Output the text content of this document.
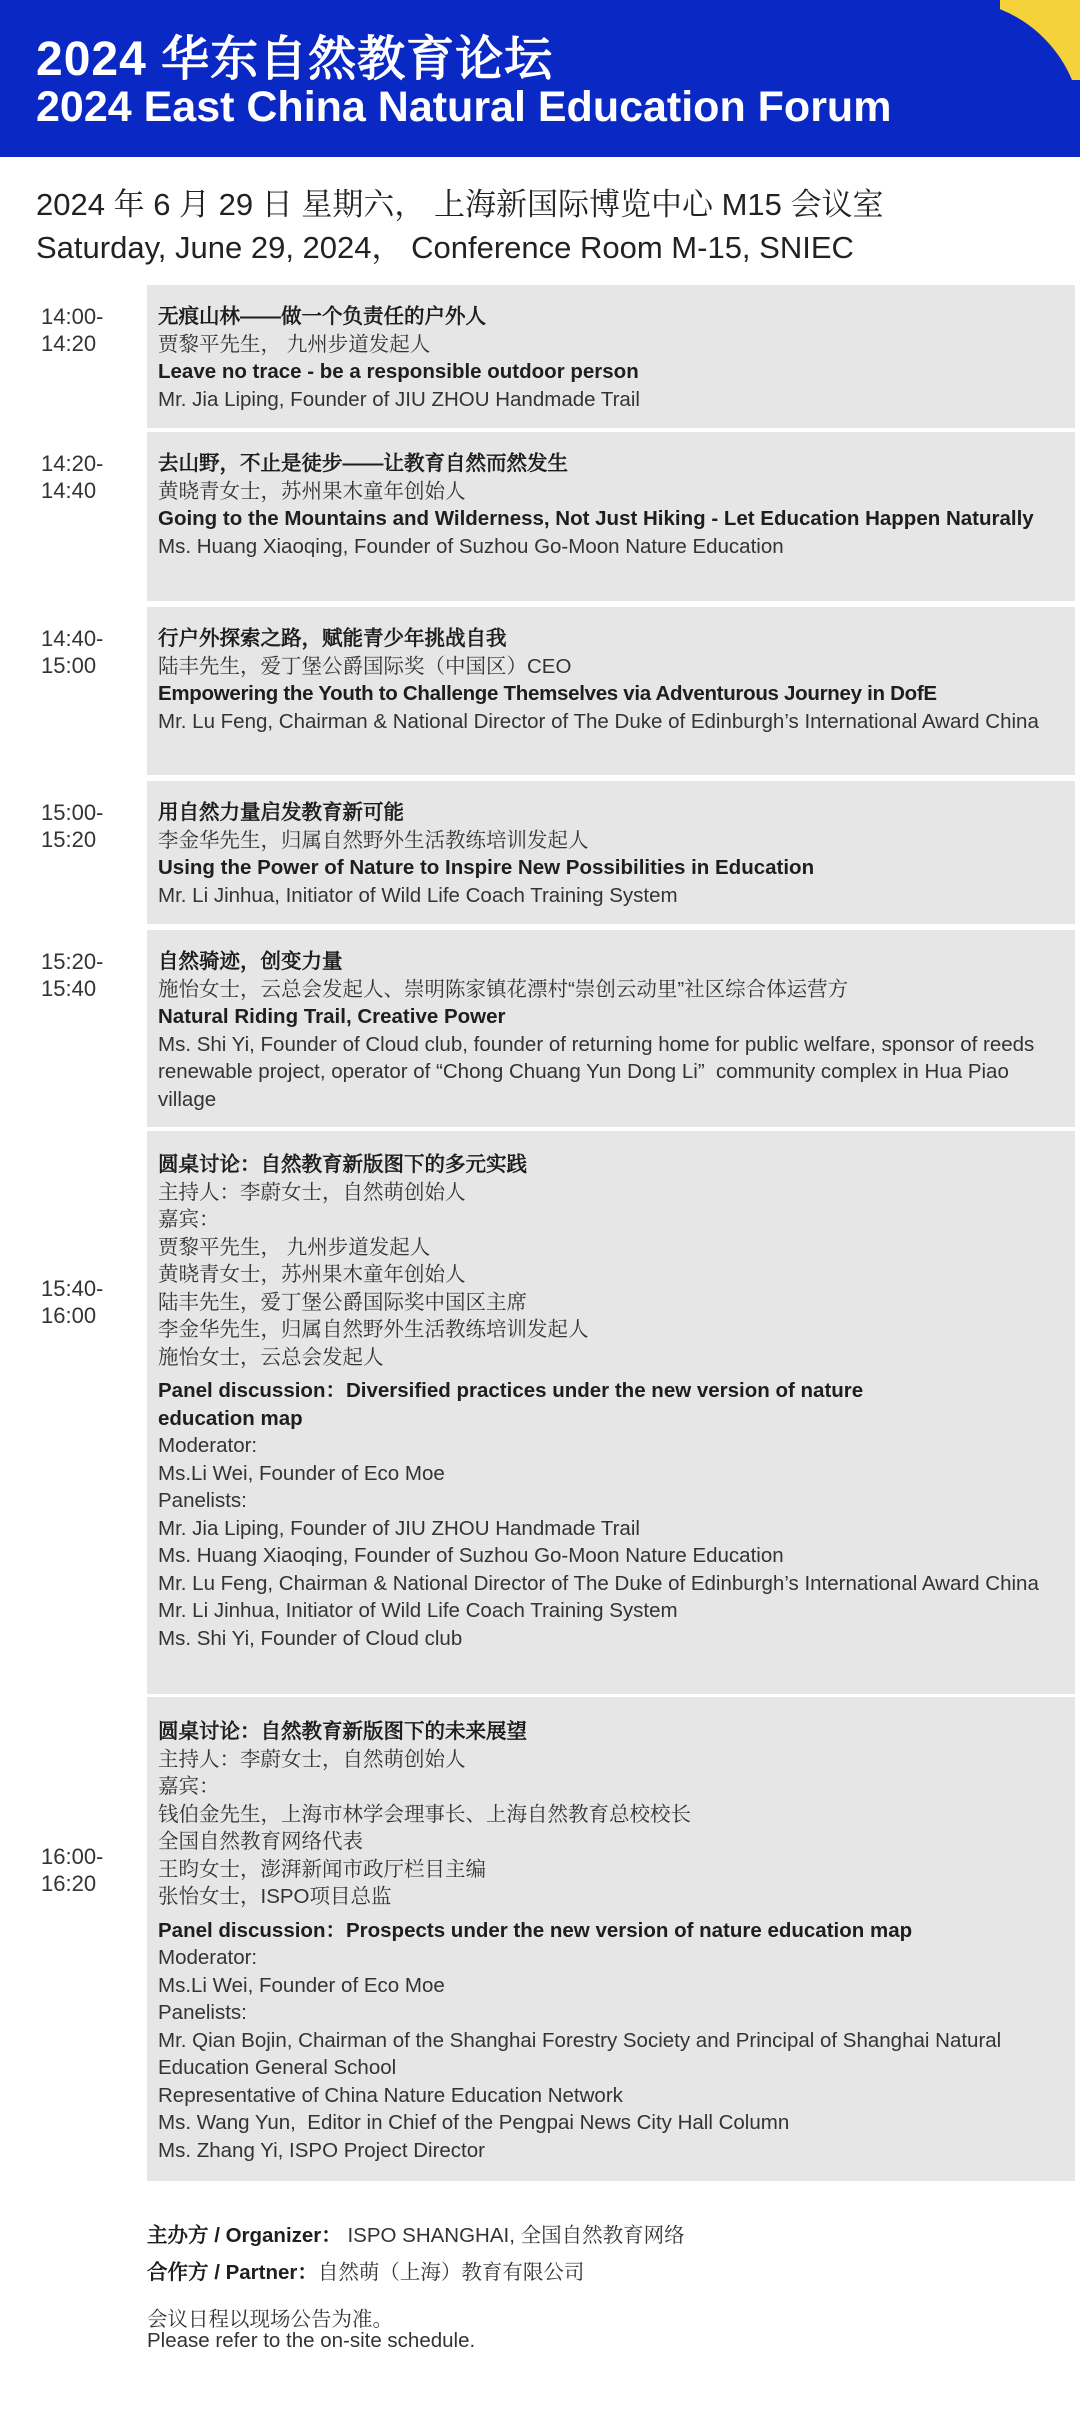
2024 华东自然教育论坛
2024 East China Natural Education Forum
2024 年 6 月 29 日 星期六， 上海新国际博览中心 M15 会议室
Saturday, June 29, 2024， Conference Room M-15, SNIEC
14:00-
14:20
无痕山林——做一个负责任的户外人
贾黎平先生， 九州步道发起人
Leave no trace - be a responsible outdoor person
Mr. Jia Liping, Founder of JIU ZHOU Handmade Trail
14:20-
14:40
去山野，不止是徒步——让教育自然而然发生
黄晓青女士，苏州果木童年创始人
Going to the Mountains and Wilderness, Not Just Hiking - Let Education Happen Naturally
Ms. Huang Xiaoqing, Founder of Suzhou Go-Moon Nature Education
14:40-
15:00
行户外探索之路，赋能青少年挑战自我
陆丰先生，爱丁堡公爵国际奖（中国区）CEO
Empowering the Youth to Challenge Themselves via Adventurous Journey in DofE
Mr. Lu Feng, Chairman & National Director of The Duke of Edinburgh’s International Award China
15:00-
15:20
用自然力量启发教育新可能
李金华先生，归属自然野外生活教练培训发起人
Using the Power of Nature to Inspire New Possibilities in Education
Mr. Li Jinhua, Initiator of Wild Life Coach Training System
15:20-
15:40
自然骑迹，创变力量
施怡女士，云总会发起人、崇明陈家镇花漂村“崇创云动里”社区综合体运营方
Natural Riding Trail, Creative Power
Ms. Shi Yi, Founder of Cloud club, founder of returning home for public welfare, sponsor of reeds renewable project, operator of “Chong Chuang Yun Dong Li”  community complex in Hua Piao village
15:40-
16:00
圆桌讨论：自然教育新版图下的多元实践
主持人：李蔚女士，自然萌创始人
嘉宾：
贾黎平先生， 九州步道发起人
黄晓青女士，苏州果木童年创始人
陆丰先生，爱丁堡公爵国际奖中国区主席
李金华先生，归属自然野外生活教练培训发起人
施怡女士，云总会发起人
Panel discussion：Diversified practices under the new version of nature education map
Moderator:
Ms.Li Wei, Founder of Eco Moe
Panelists:
Mr. Jia Liping, Founder of JIU ZHOU Handmade Trail
Ms. Huang Xiaoqing, Founder of Suzhou Go-Moon Nature Education
Mr. Lu Feng, Chairman & National Director of The Duke of Edinburgh’s International Award China
Mr. Li Jinhua, Initiator of Wild Life Coach Training System
Ms. Shi Yi, Founder of Cloud club
16:00-
16:20
圆桌讨论：自然教育新版图下的未来展望
主持人：李蔚女士，自然萌创始人
嘉宾：
钱伯金先生，上海市林学会理事长、上海自然教育总校校长
全国自然教育网络代表
王昀女士，澎湃新闻市政厅栏目主编
张怡女士，ISPO项目总监
Panel discussion：Prospects under the new version of nature education map
Moderator:
Ms.Li Wei, Founder of Eco Moe
Panelists:
Mr. Qian Bojin, Chairman of the Shanghai Forestry Society and Principal of Shanghai Natural Education General School
Representative of China Nature Education Network
Ms. Wang Yun,  Editor in Chief of the Pengpai News City Hall Column
Ms. Zhang Yi, ISPO Project Director
主办方 / Organizer： ISPO SHANGHAI, 全国自然教育网络
合作方 / Partner：自然萌（上海）教育有限公司
会议日程以现场公告为准。
Please refer to the on-site schedule.
